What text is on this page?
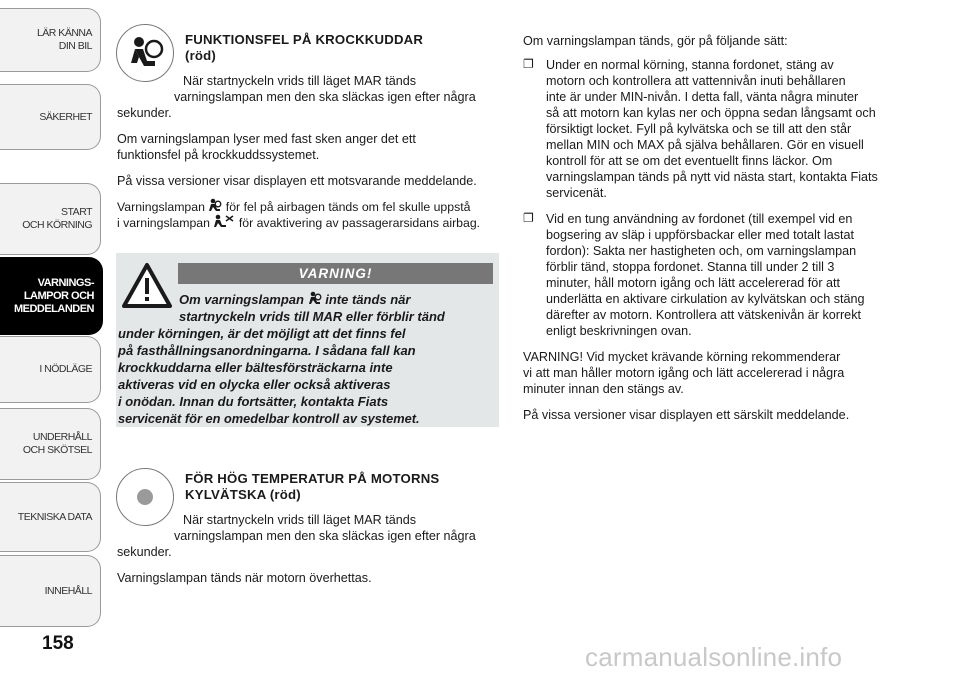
LÄR KÄNNA
DIN BIL
SÄKERHET
START
OCH KÖRNING
VARNINGS-
LAMPOR OCH
MEDDELANDEN
I NÖDLÄGE
UNDERHÅLL
OCH SKÖTSEL
TEKNISKA DATA
INNEHÅLL
158
FUNKTIONSFEL PÅ KROCKKUDDAR
(röd)

När startnyckeln vrids till läget MAR tänds

varningslampan men den ska släckas igen efter några

sekunder.

Om varningslampan lyser med fast sken anger det ett

funktionsfel på krockkuddssystemet.

På vissa versioner visar displayen ett motsvarande meddelande.

Varningslampan för fel på airbagen tänds om fel skulle uppstå

i varningslampan för avaktivering av passagerarsidans airbag.

VARNING!

Om varningslampan inte tänds när

startnyckeln vrids till MAR eller förblir tänd

under körningen, är det möjligt att det finns fel

på fasthållningsanordningarna. I sådana fall kan

krockkuddarna eller bältesförsträckarna inte

aktiveras vid en olycka eller också aktiveras

i onödan. Innan du fortsätter, kontakta Fiats

servicenät för en omedelbar kontroll av systemet.

FÖR HÖG TEMPERATUR PÅ MOTORNS
KYLVÄTSKA (röd)

När startnyckeln vrids till läget MAR tänds

varningslampan men den ska släckas igen efter några

sekunder.

Varningslampan tänds när motorn överhettas.

Om varningslampan tänds, gör på följande sätt:

❐ Under en normal körning, stanna fordonet, stäng av

motorn och kontrollera att vattennivån inuti behållaren

inte är under MIN-nivån. I detta fall, vänta några minuter

så att motorn kan kylas ner och öppna sedan långsamt och

försiktigt locket. Fyll på kylvätska och se till att den står

mellan MIN och MAX på själva behållaren. Gör en visuell

kontroll för att se om det eventuellt finns läckor. Om

varningslampan tänds på nytt vid nästa start, kontakta Fiats

servicenät.

❐ Vid en tung användning av fordonet (till exempel vid en

bogsering av släp i uppförsbackar eller med totalt lastat

fordon): Sakta ner hastigheten och, om varningslampan

förblir tänd, stoppa fordonet. Stanna till under 2 till 3

minuter, håll motorn igång och lätt accelererad för att

underlätta en aktivare cirkulation av kylvätskan och stäng

därefter av motorn. Kontrollera att vätskenivån är korrekt

enligt beskrivningen ovan.

VARNING! Vid mycket krävande körning rekommenderar

vi att man håller motorn igång och lätt accelererad i några

minuter innan den stängs av.

På vissa versioner visar displayen ett särskilt meddelande.

carmanualsonline.info
